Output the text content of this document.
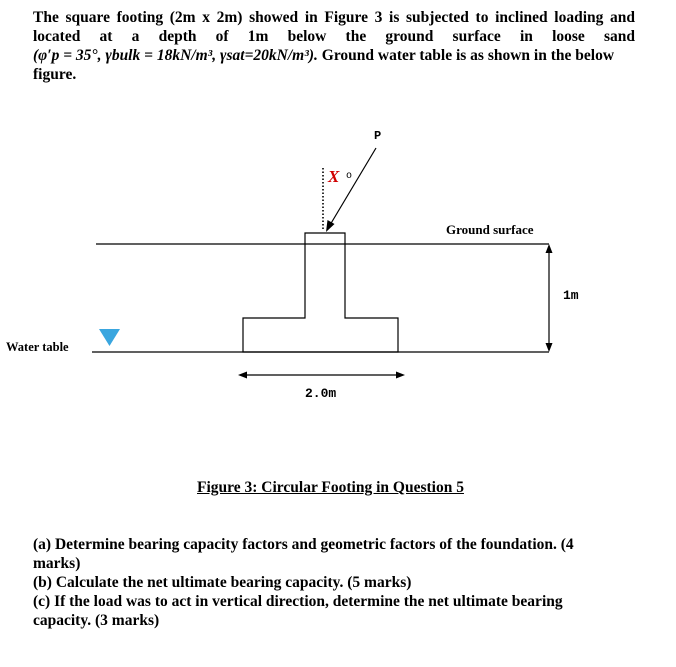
The square footing (2m x 2m) showed in Figure 3 is subjected to inclined loading and
located at a depth of 1m below the ground surface in loose sand
(φ′p = 35°, γbulk = 18kN/m³, γsat=20kN/m³). Ground water table is as shown in the below
figure.
X o
P
Ground surface
1m
Water table
2.0m
Figure 3: Circular Footing in Question 5
(a) Determine bearing capacity factors and geometric factors of the foundation. (4 marks)
(b) Calculate the net ultimate bearing capacity. (5 marks)
(c) If the load was to act in vertical direction, determine the net ultimate bearing capacity. (3 marks)
